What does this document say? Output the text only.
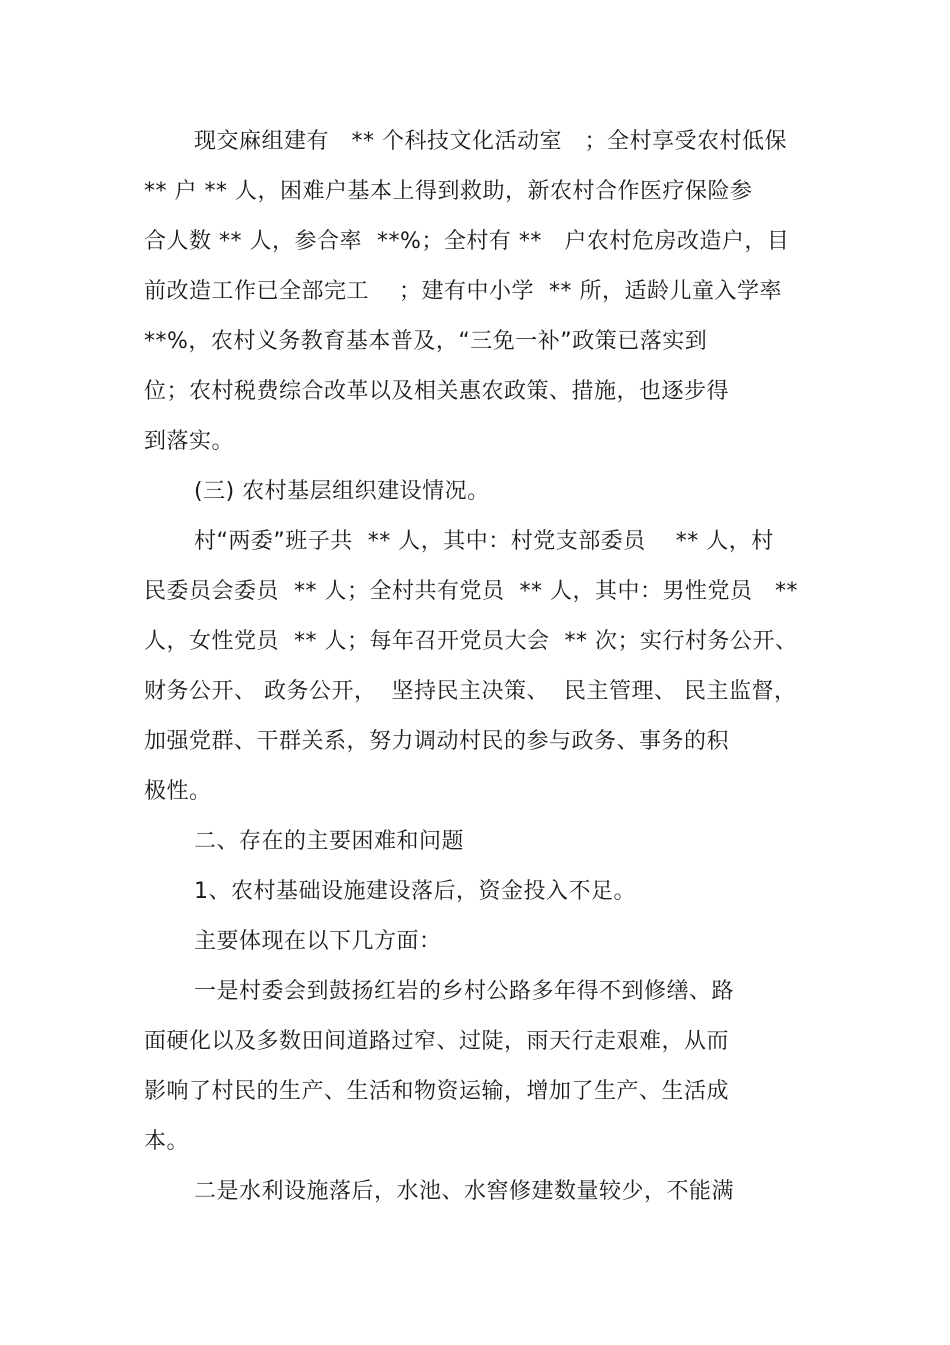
现交麻组建有   ** 个科技文化活动室   ；全村享受农村低保
** 户 ** 人，困难户基本上得到救助，新农村合作医疗保险参
合人数 ** 人，参合率  **%；全村有 **   户农村危房改造户，目
前改造工作已全部完工    ；建有中小学  ** 所，适龄儿童入学率
**%，农村义务教育基本普及，“三免一补”政策已落实到
位；农村税费综合改革以及相关惠农政策、措施，也逐步得
到落实。
(三) 农村基层组织建设情况。
村“两委”班子共  ** 人，其中：村党支部委员    ** 人，村
民委员会委员  ** 人；全村共有党员  ** 人，其中：男性党员   **
人，女性党员  ** 人；每年召开党员大会  ** 次；实行村务公开、
财务公开、 政务公开，  坚持民主决策、  民主管理、 民主监督，
加强党群、干群关系，努力调动村民的参与政务、事务的积
极性。
二、存在的主要困难和问题
1、农村基础设施建设落后，资金投入不足。
主要体现在以下几方面：
一是村委会到鼓扬红岩的乡村公路多年得不到修缮、路
面硬化以及多数田间道路过窄、过陡，雨天行走艰难，从而
影响了村民的生产、生活和物资运输，增加了生产、生活成
本。
二是水利设施落后，水池、水窖修建数量较少，不能满
